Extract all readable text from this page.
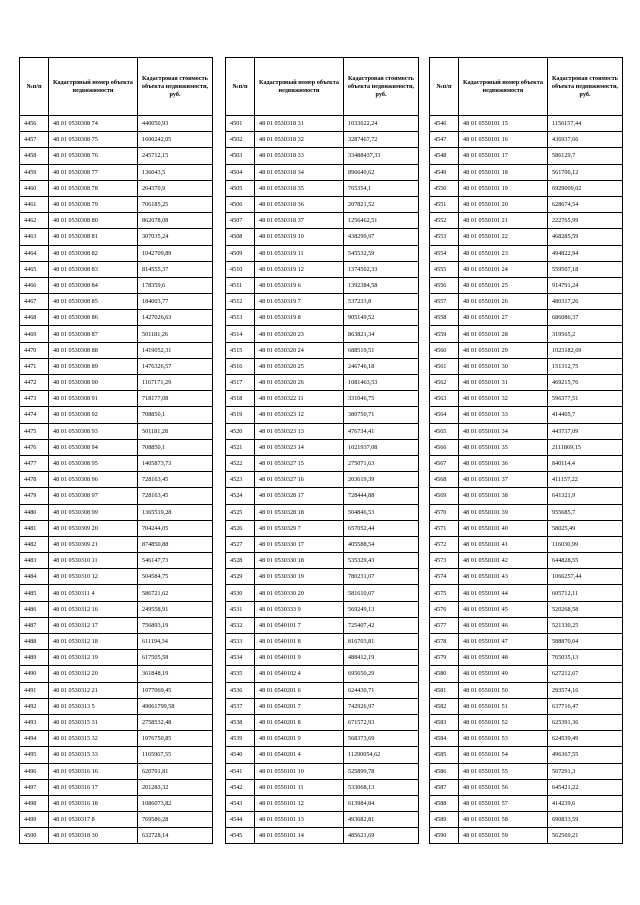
№п/п	Кадастровый номер объекта недвижимости	Кадастровая стоимость объекта недвижимости, руб.
4456	48 01 0530308 74	440050,93
4457	48 01 0530308 75	1600242,05
4458	48 01 0530308 76	245712,15
4459	48 01 0530308 77	136043,5
4460	48 01 0530308 78	264370,9
4461	48 01 0530308 79	706185,25
4462	48 01 0530308 80	862078,08
4463	48 01 0530308 81	307035,24
4464	48 01 0530308 82	1042709,89
4465	48 01 0530308 83	814555,37
4466	48 01 0530308 84	178359,6
4467	48 01 0530308 85	184003,77
4468	48 01 0530308 86	1427026,63
4469	48 01 0530308 87	501181,26
4470	48 01 0530308 88	1419052,31
4471	48 01 0530308 89	1476326,57
4472	48 01 0530308 90	1167171,29
4473	48 01 0530308 91	718177,08
4474	48 01 0530308 92	708850,1
4475	48 01 0530308 93	501181,28
4476	48 01 0530308 94	708850,1
4477	48 01 0530308 95	1405873,73
4478	48 01 0530308 96	728163,45
4479	48 01 0530308 97	728163,45
4480	48 01 0530308 99	1365519,28
4481	48 01 0530309 20	704244,05
4482	48 01 0530309 21	874850,88
4483	48 01 0530310 11	546147,73
4484	48 01 0530310 12	504584,75
4485	48 01 0530311 4	586721,62
4486	48 01 0530312 16	249558,91
4487	48 01 0530312 17	756893,19
4488	48 01 0530312 18	611194,34
4489	48 01 0530312 19	617505,58
4490	48 01 0530312 20	361848,19
4491	48 01 0530312 21	1077069,45
4492	48 01 0530313 5	49061799,58
4493	48 01 0530315 31	2758532,48
4494	48 01 0530315 32	1076750,85
4495	48 01 0530315 33	1165967,55
4496	48 01 0530316 16	620701,81
4497	48 01 0530316 17	201283,32
4498	48 01 0530316 18	1086073,82
4499	48 01 0530317 8	769586,28
4500	48 01 0530318 30	632728,14
№п/п	Кадастровый номер объекта недвижимости	Кадастровая стоимость объекта недвижимости, руб.
4501	48 01 0530318 31	1033622,24
4502	48 01 0530318 32	3287467,72
4503	48 01 0530318 33	33488437,33
4504	48 01 0530318 34	896640,62
4505	48 01 0530318 35	765354,1
4506	48 01 0530318 36	207821,52
4507	48 01 0530318 37	1256462,51
4508	48 01 0530319 10	438299,97
4509	48 01 0530319 11	545532,59
4510	48 01 0530319 12	1374502,33
4511	48 01 0530319 6	1392384,58
4512	48 01 0530319 7	537233,8
4513	48 01 0530319 8	905149,52
4514	48 01 0530320 23	863821,34
4515	48 01 0530320 24	688519,51
4516	48 01 0530320 25	246746,18
4517	48 01 0530320 26	1081463,53
4518	48 01 0530322 11	331046,75
4519	48 01 0530323 12	380750,71
4520	48 01 0530323 13	476734,41
4521	48 01 0530323 14	1021937,08
4522	48 01 0530327 15	275071,63
4523	48 01 0530327 16	203619,39
4524	48 01 0530328 17	728444,88
4525	48 01 0530328 18	504846,53
4526	48 01 0530329 7	657052,44
4527	48 01 0530330 17	405588,54
4528	48 01 0530330 18	535329,43
4529	48 01 0530330 19	780231,07
4530	48 01 0530330 20	581610,07
4531	48 01 0530333 9	569249,13
4532	48 01 0540101 7	725407,42
4533	48 01 0540101 8	816703,81
4534	48 01 0540101 9	488412,19
4535	48 01 0540102 4	695650,29
4536	48 01 0540201 6	624430,71
4537	48 01 0540201 7	742926,97
4538	48 01 0540201 8	671572,93
4539	48 01 0540201 9	568373,69
4540	48 01 0540201 4	11290054,62
4541	48 01 0550101 10	525899,78
4542	48 01 0550101 11	533068,13
4543	48 01 0550101 12	613984,84
4544	48 01 0550101 13	493682,81
4545	48 01 0550101 14	485621,69
№п/п	Кадастровый номер объекта недвижимости	Кадастровая стоимость объекта недвижимости, руб.
4546	48 01 0550101 15	1156157,44
4547	48 01 0550101 16	436937,66
4548	48 01 0550101 17	586129,7
4549	48 01 0550101 18	561706,12
4550	48 01 0550101 19	6929009,02
4551	48 01 0550101 20	628674,54
4552	48 01 0550101 21	222765,99
4553	48 01 0550101 22	468285,59
4554	48 01 0550101 23	494822,94
4555	48 01 0550101 24	559507,18
4556	48 01 0550101 25	914791,24
4557	48 01 0550101 26	480317,26
4558	48 01 0550101 27	686086,37
4559	48 01 0550101 28	319565,2
4560	48 01 0550101 29	1023182,69
4561	48 01 0550101 30	151312,75
4562	48 01 0550101 31	469215,76
4563	48 01 0550101 32	596377,51
4564	48 01 0550101 33	414405,7
4565	48 01 0550101 34	443737,09
4566	48 01 0550101 35	2111869,15
4567	48 01 0550101 36	840114,4
4568	48 01 0550101 37	411157,22
4569	48 01 0550101 38	641321,9
4570	48 01 0550101 39	955685,7
4571	48 01 0550101 40	58025,49
4572	48 01 0550101 41	116030,99
4573	48 01 0550101 42	644828,55
4574	48 01 0550101 43	1066257,44
4575	48 01 0550101 44	605712,11
4576	48 01 0550101 45	520268,58
4577	48 01 0550101 46	521330,25
4578	48 01 0550101 47	588870,04
4579	48 01 0550101 48	765035,13
4580	48 01 0550101 49	627212,67
4581	48 01 0550101 50	293574,16
4582	48 01 0550101 51	637716,47
4583	48 01 0550101 52	625391,36
4584	48 01 0550101 53	624539,49
4585	48 01 0550101 54	496367,55
4586	48 01 0550101 55	507291,3
4587	48 01 0550101 56	645421,22
4588	48 01 0550101 57	414239,6
4589	48 01 0550101 58	690833,59
4590	48 01 0550101 59	562569,21
